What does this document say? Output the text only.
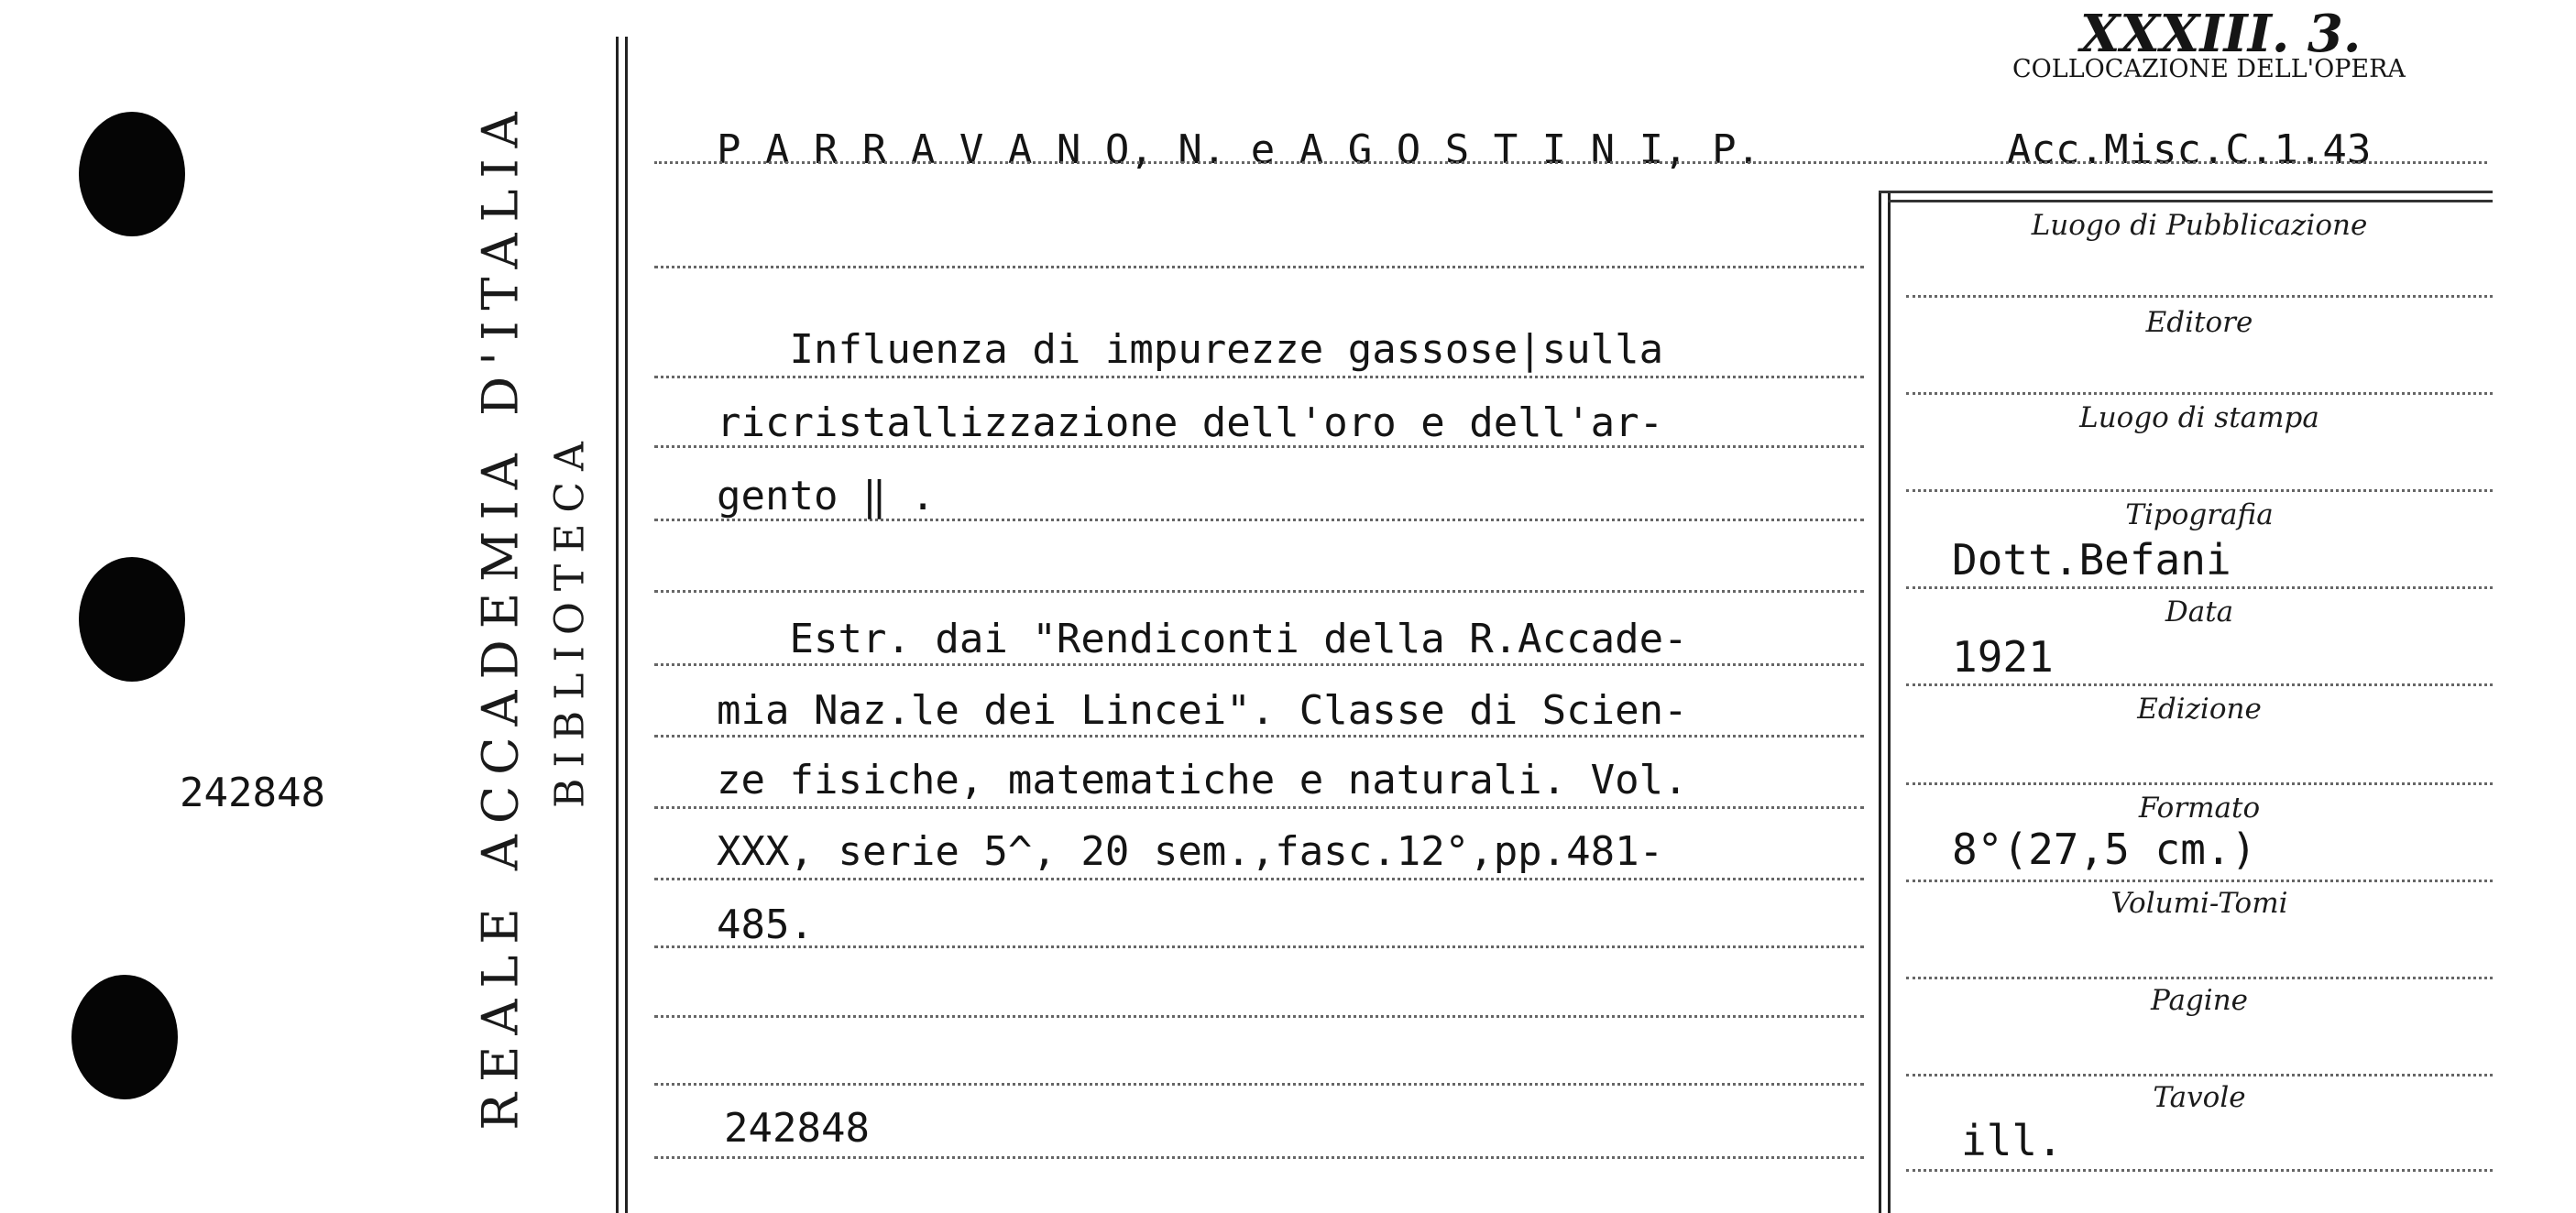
242848	REALE ACCADEMIA D'ITALIA BIBLIOTECA
XXXIII. 3.
COLLOCAZIONE DELL'OPERA
P A R R A V A N O, N. e A G O S T I N I, P.	Acc.Misc.C.1.43
Influenza di impurezze gassose|sulla
ricristallizzazione dell'oro e dell'ar-
gento ‖ .
Estr. dai "Rendiconti della R.Accade-
mia Naz.le dei Lincei". Classe di Scien-
ze fisiche, matematiche e naturali. Vol.
XXX, serie 5^, 20 sem.,fasc.12°,pp.481-
485.
242848
Luogo di Pubblicazione
Editore
Luogo di stampa
Tipografia
Dott.Befani
Data
1921
Edizione
Formato
8°(27,5 cm.)
Volumi-Tomi
Pagine
Tavole
ill.
